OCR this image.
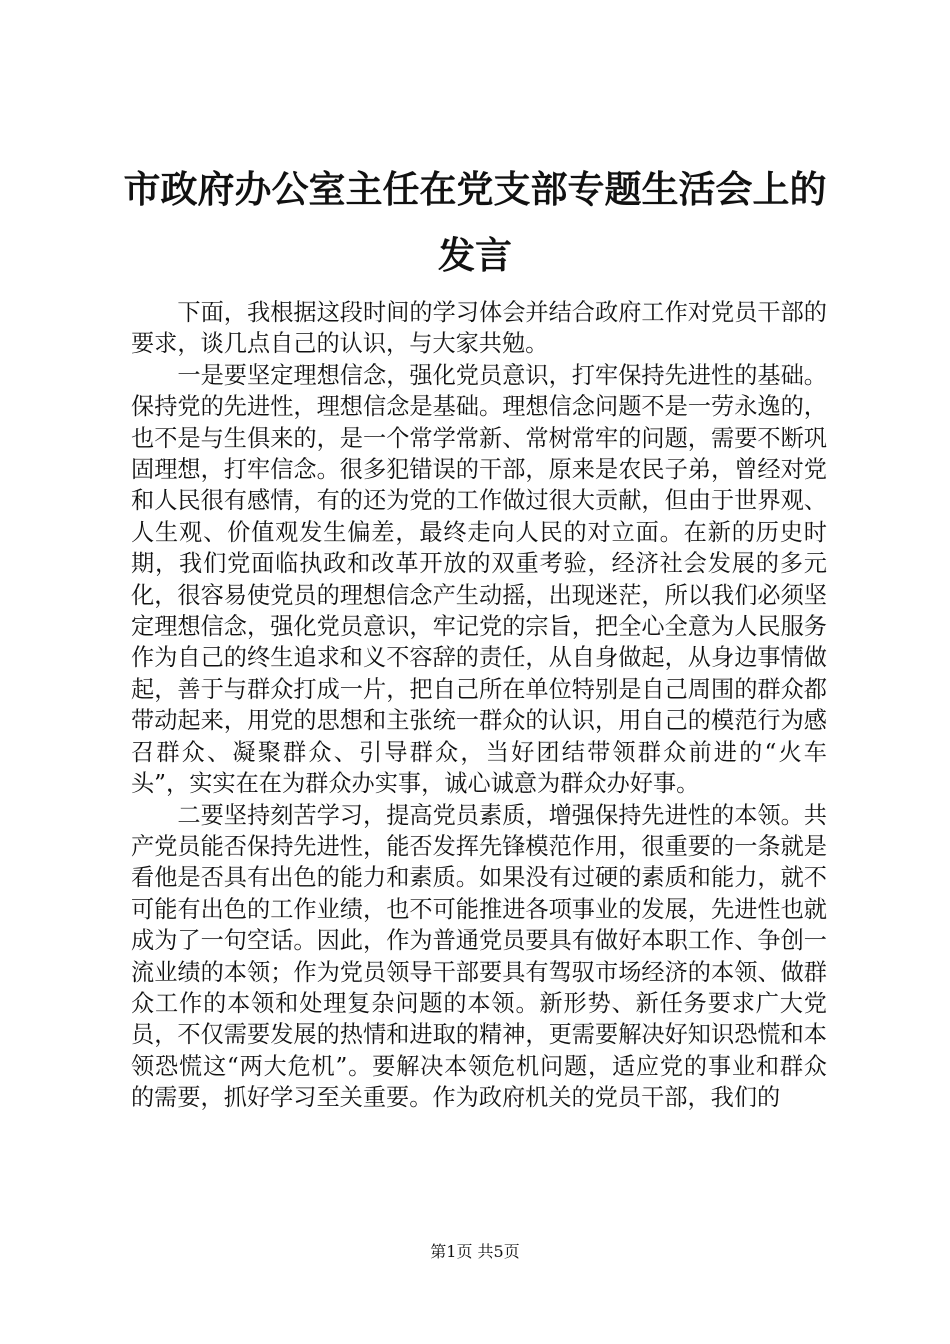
市政府办公室主任在党支部专题生活会上的发言

下面，我根据这段时间的学习体会并结合政府工作对党员干部的要求，谈几点自己的认识，与大家共勉。

一是要坚定理想信念，强化党员意识，打牢保持先进性的基础。保持党的先进性，理想信念是基础。理想信念问题不是一劳永逸的，也不是与生俱来的，是一个常学常新、常树常牢的问题，需要不断巩固理想，打牢信念。很多犯错误的干部，原来是农民子弟，曾经对党和人民很有感情，有的还为党的工作做过很大贡献，但由于世界观、人生观、价值观发生偏差，最终走向人民的对立面。在新的历史时期，我们党面临执政和改革开放的双重考验，经济社会发展的多元化，很容易使党员的理想信念产生动摇，出现迷茫，所以我们必须坚定理想信念，强化党员意识，牢记党的宗旨，把全心全意为人民服务作为自己的终生追求和义不容辞的责任，从自身做起，从身边事情做起，善于与群众打成一片，把自己所在单位特别是自己周围的群众都带动起来，用党的思想和主张统一群众的认识，用自己的模范行为感召群众、凝聚群众、引导群众，当好团结带领群众前进的“火车头”，实实在在为群众办实事，诚心诚意为群众办好事。

二要坚持刻苦学习，提高党员素质，增强保持先进性的本领。共产党员能否保持先进性，能否发挥先锋模范作用，很重要的一条就是看他是否具有出色的能力和素质。如果没有过硬的素质和能力，就不可能有出色的工作业绩，也不可能推进各项事业的发展，先进性也就成为了一句空话。因此，作为普通党员要具有做好本职工作、争创一流业绩的本领；作为党员领导干部要具有驾驭市场经济的本领、做群众工作的本领和处理复杂问题的本领。新形势、新任务要求广大党员，不仅需要发展的热情和进取的精神，更需要解决好知识恐慌和本领恐慌这“两大危机”。要解决本领危机问题，适应党的事业和群众的需要，抓好学习至关重要。作为政府机关的党员干部，我们的

第1页 共5页
